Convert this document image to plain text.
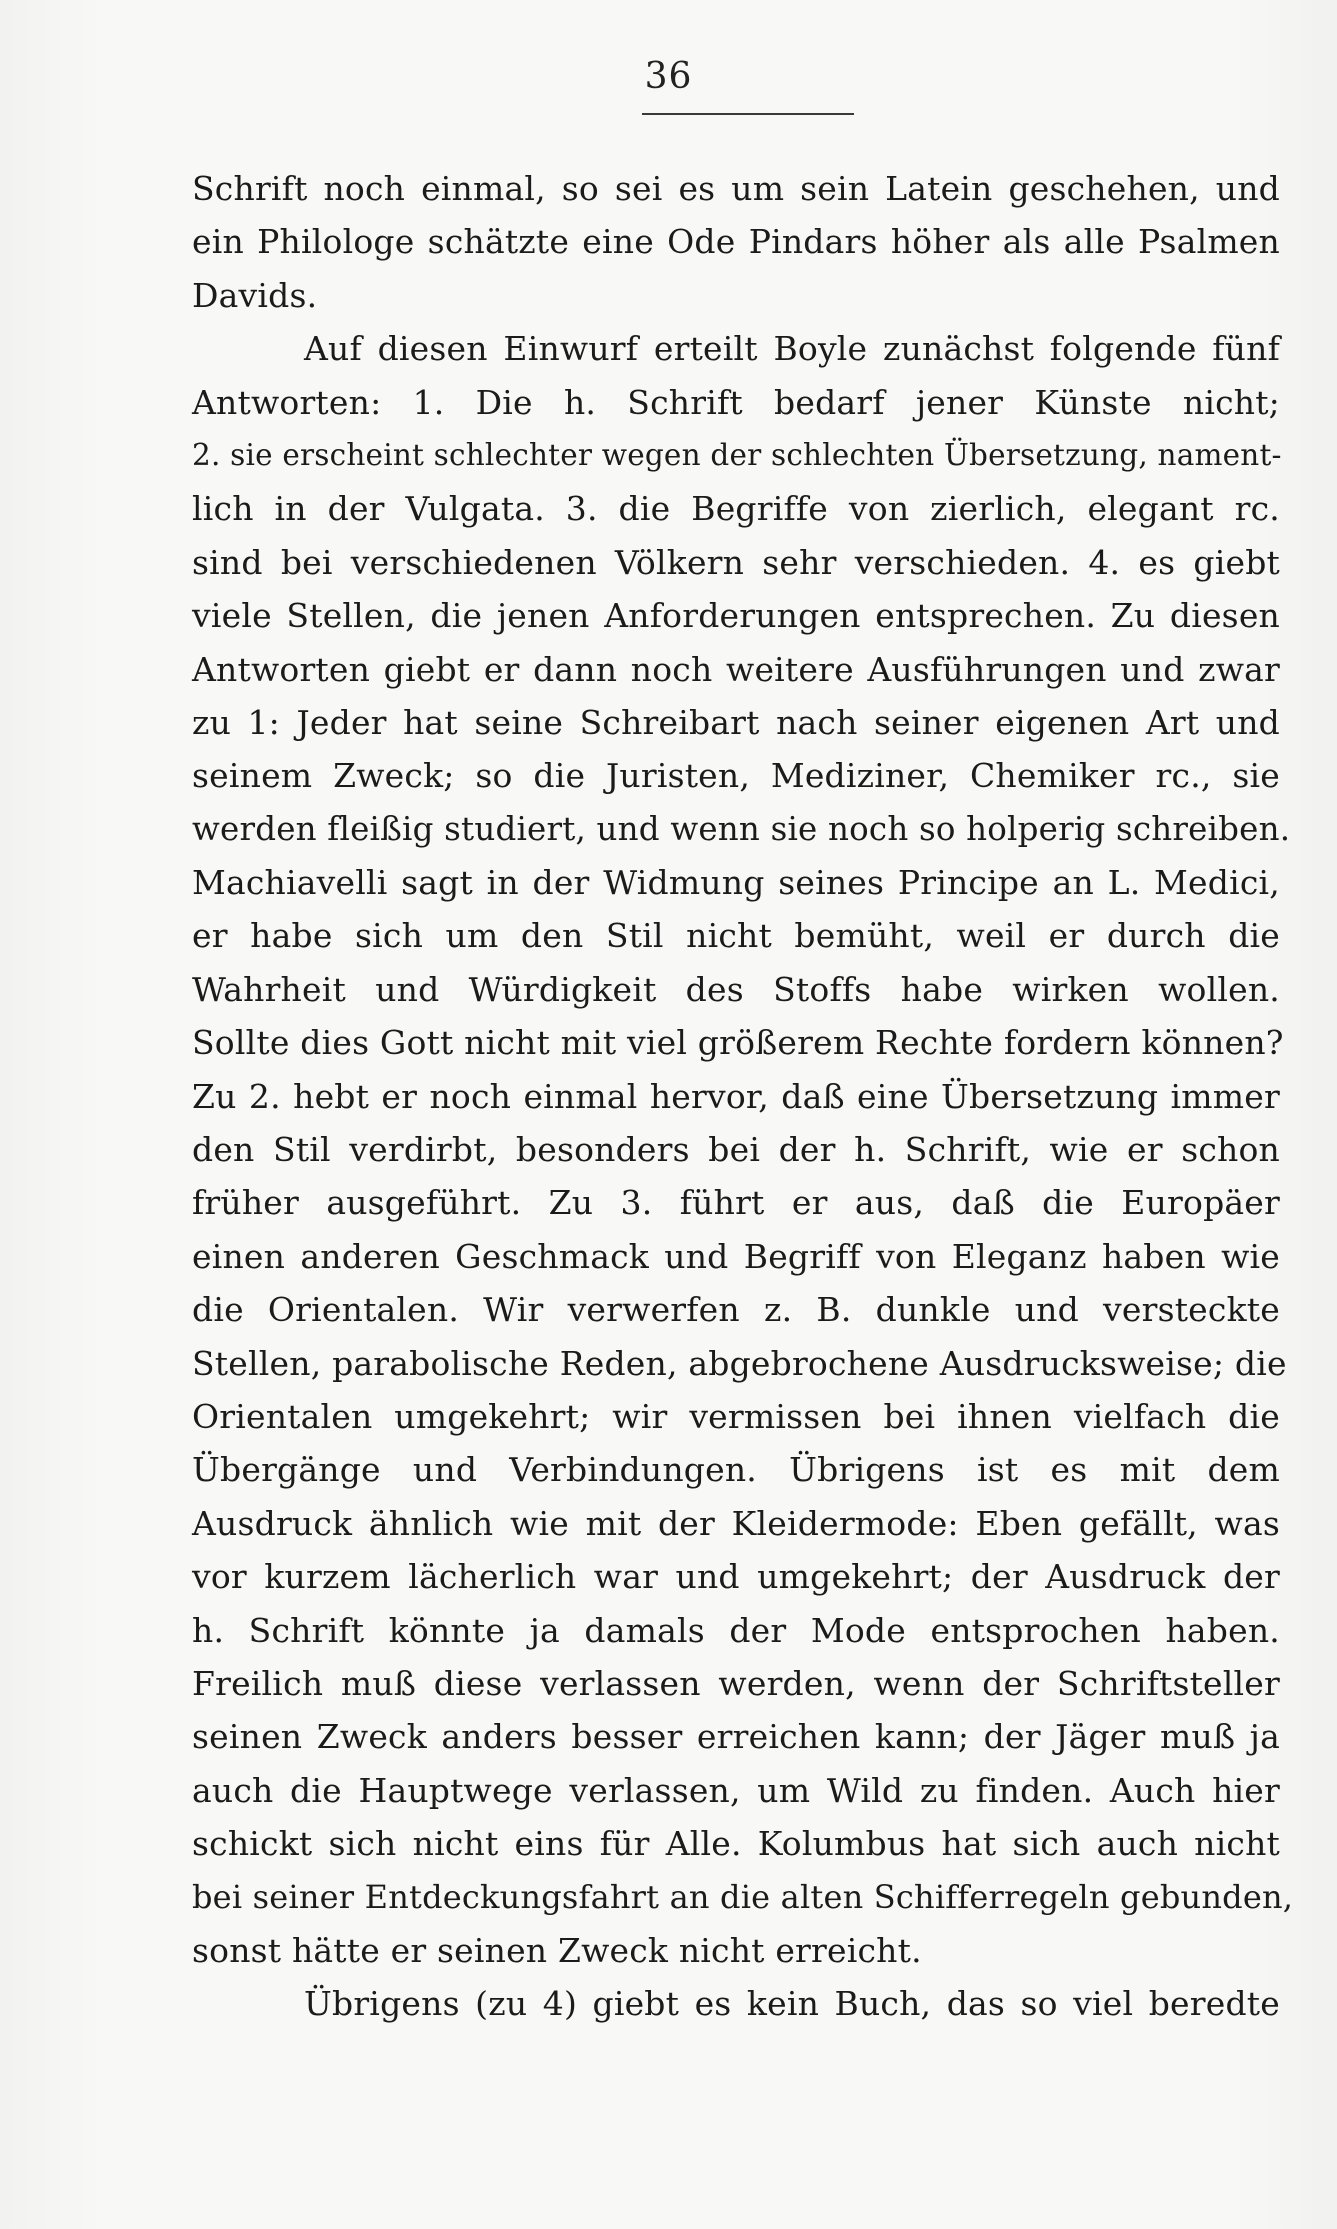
36
Schrift noch einmal, so sei es um sein Latein geschehen, und
ein Philologe schätzte eine Ode Pindars höher als alle Psalmen
Davids.
Auf diesen Einwurf erteilt Boyle zunächst folgende fünf
Antworten: 1. Die h. Schrift bedarf jener Künste nicht;
2. sie erscheint schlechter wegen der schlechten Übersetzung, nament-
lich in der Vulgata. 3. die Begriffe von zierlich, elegant rc.
sind bei verschiedenen Völkern sehr verschieden. 4. es giebt
viele Stellen, die jenen Anforderungen entsprechen. Zu diesen
Antworten giebt er dann noch weitere Ausführungen und zwar
zu 1: Jeder hat seine Schreibart nach seiner eigenen Art und
seinem Zweck; so die Juristen, Mediziner, Chemiker rc., sie
werden fleißig studiert, und wenn sie noch so holperig schreiben.
Machiavelli sagt in der Widmung seines Principe an L. Medici,
er habe sich um den Stil nicht bemüht, weil er durch die
Wahrheit und Würdigkeit des Stoffs habe wirken wollen.
Sollte dies Gott nicht mit viel größerem Rechte fordern können?
Zu 2. hebt er noch einmal hervor, daß eine Übersetzung immer
den Stil verdirbt, besonders bei der h. Schrift, wie er schon
früher ausgeführt. Zu 3. führt er aus, daß die Europäer
einen anderen Geschmack und Begriff von Eleganz haben wie
die Orientalen. Wir verwerfen z. B. dunkle und versteckte
Stellen, parabolische Reden, abgebrochene Ausdrucksweise; die
Orientalen umgekehrt; wir vermissen bei ihnen vielfach die
Übergänge und Verbindungen. Übrigens ist es mit dem
Ausdruck ähnlich wie mit der Kleidermode: Eben gefällt, was
vor kurzem lächerlich war und umgekehrt; der Ausdruck der
h. Schrift könnte ja damals der Mode entsprochen haben.
Freilich muß diese verlassen werden, wenn der Schriftsteller
seinen Zweck anders besser erreichen kann; der Jäger muß ja
auch die Hauptwege verlassen, um Wild zu finden. Auch hier
schickt sich nicht eins für Alle. Kolumbus hat sich auch nicht
bei seiner Entdeckungsfahrt an die alten Schifferregeln gebunden,
sonst hätte er seinen Zweck nicht erreicht.
Übrigens (zu 4) giebt es kein Buch, das so viel beredte
